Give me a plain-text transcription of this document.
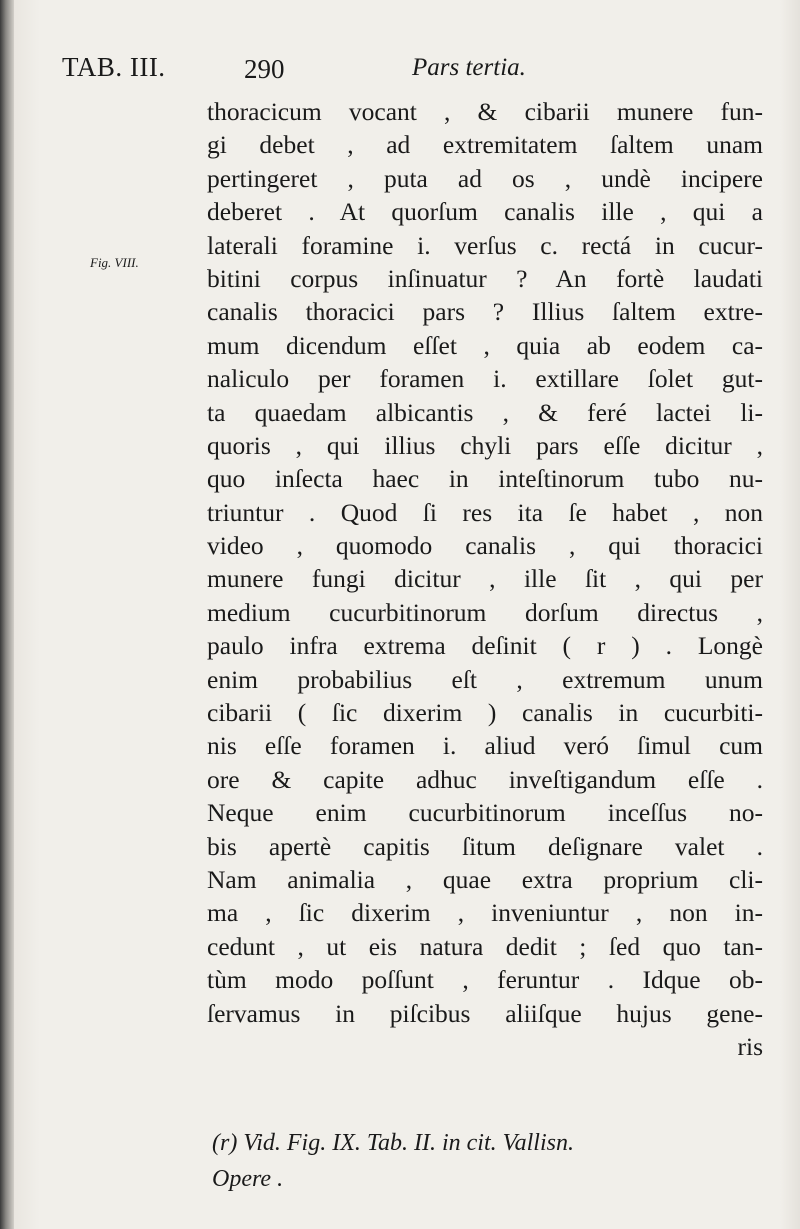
TAB. III.	290	Pars tertia.
Fig. VIII.
thoracicum vocant , & cibarii munere fun-
gi debet , ad extremitatem ſaltem unam
pertingeret , puta ad os , undè incipere
deberet . At quorſum canalis ille , qui a
laterali foramine i. verſus c. rectá in cucur-
bitini corpus inſinuatur ? An fortè laudati
canalis thoracici pars ? Illius ſaltem extre-
mum dicendum eſſet , quia ab eodem ca-
naliculo per foramen i. extillare ſolet gut-
ta quaedam albicantis , & feré lactei li-
quoris , qui illius chyli pars eſſe dicitur ,
quo inſecta haec in inteſtinorum tubo nu-
triuntur . Quod ſi res ita ſe habet , non
video , quomodo canalis , qui thoracici
munere fungi dicitur , ille ſit , qui per
medium cucurbitinorum dorſum directus ,
paulo infra extrema deſinit ( r ) . Longè
enim probabilius eſt , extremum unum
cibarii ( ſic dixerim ) canalis in cucurbiti-
nis eſſe foramen i. aliud veró ſimul cum
ore & capite adhuc inveſtigandum eſſe .
Neque enim cucurbitinorum inceſſus no-
bis apertè capitis ſitum deſignare valet .
Nam animalia , quae extra proprium cli-
ma , ſic dixerim , inveniuntur , non in-
cedunt , ut eis natura dedit ; ſed quo tan-
tùm modo poſſunt , feruntur . Idque ob-
ſervamus in piſcibus aliiſque hujus gene-
ris
(r) Vid. Fig. IX. Tab. II. in cit. Vallisn.
Opere .
